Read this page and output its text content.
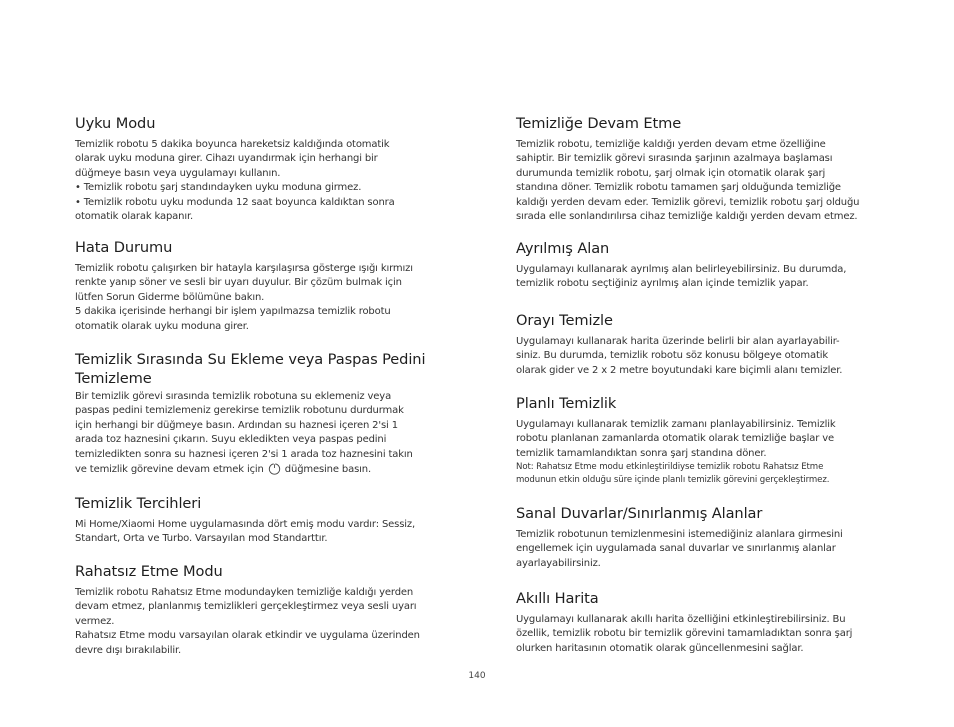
Uyku Modu

Temizlik robotu 5 dakika boyunca hareketsiz kaldığında otomatik
olarak uyku moduna girer. Cihazı uyandırmak için herhangi bir
düğmeye basın veya uygulamayı kullanın.
• Temizlik robotu şarj standındayken uyku moduna girmez.
• Temizlik robotu uyku modunda 12 saat boyunca kaldıktan sonra
otomatik olarak kapanır.

Hata Durumu

Temizlik robotu çalışırken bir hatayla karşılaşırsa gösterge ışığı kırmızı
renkte yanıp söner ve sesli bir uyarı duyulur. Bir çözüm bulmak için
lütfen Sorun Giderme bölümüne bakın.
5 dakika içerisinde herhangi bir işlem yapılmazsa temizlik robotu
otomatik olarak uyku moduna girer.

Temizlik Sırasında Su Ekleme veya Paspas Pedini
Temizleme

Bir temizlik görevi sırasında temizlik robotuna su eklemeniz veya
paspas pedini temizlemeniz gerekirse temizlik robotunu durdurmak
için herhangi bir düğmeye basın. Ardından su haznesi içeren 2'si 1
arada toz haznesini çıkarın. Suyu ekledikten veya paspas pedini
temizledikten sonra su haznesi içeren 2'si 1 arada toz haznesini takın
ve temizlik görevine devam etmek için
düğmesine basın.

Temizlik Tercihleri

Mi Home/Xiaomi Home uygulamasında dört emiş modu vardır: Sessiz,
Standart, Orta ve Turbo. Varsayılan mod Standarttır.

Rahatsız Etme Modu

Temizlik robotu Rahatsız Etme modundayken temizliğe kaldığı yerden
devam etmez, planlanmış temizlikleri gerçekleştirmez veya sesli uyarı
vermez.
Rahatsız Etme modu varsayılan olarak etkindir ve uygulama üzerinden
devre dışı bırakılabilir.

Temizliğe Devam Etme

Temizlik robotu, temizliğe kaldığı yerden devam etme özelliğine
sahiptir. Bir temizlik görevi sırasında şarjının azalmaya başlaması
durumunda temizlik robotu, şarj olmak için otomatik olarak şarj
standına döner. Temizlik robotu tamamen şarj olduğunda temizliğe
kaldığı yerden devam eder. Temizlik görevi, temizlik robotu şarj olduğu
sırada elle sonlandırılırsa cihaz temizliğe kaldığı yerden devam etmez.

Ayrılmış Alan

Uygulamayı kullanarak ayrılmış alan belirleyebilirsiniz. Bu durumda,
temizlik robotu seçtiğiniz ayrılmış alan içinde temizlik yapar.

Orayı Temizle

Uygulamayı kullanarak harita üzerinde belirli bir alan ayarlayabilir-
siniz. Bu durumda, temizlik robotu söz konusu bölgeye otomatik
olarak gider ve 2 x 2 metre boyutundaki kare biçimli alanı temizler.

Planlı Temizlik

Uygulamayı kullanarak temizlik zamanı planlayabilirsiniz. Temizlik
robotu planlanan zamanlarda otomatik olarak temizliğe başlar ve
temizlik tamamlandıktan sonra şarj standına döner.

Not: Rahatsız Etme modu etkinleştirildiyse temizlik robotu Rahatsız Etme
modunun etkin olduğu süre içinde planlı temizlik görevini gerçekleştirmez.

Sanal Duvarlar/Sınırlanmış Alanlar

Temizlik robotunun temizlenmesini istemediğiniz alanlara girmesini
engellemek için uygulamada sanal duvarlar ve sınırlanmış alanlar
ayarlayabilirsiniz.

Akıllı Harita

Uygulamayı kullanarak akıllı harita özelliğini etkinleştirebilirsiniz. Bu
özellik, temizlik robotu bir temizlik görevini tamamladıktan sonra şarj
olurken haritasının otomatik olarak güncellenmesini sağlar.

140
